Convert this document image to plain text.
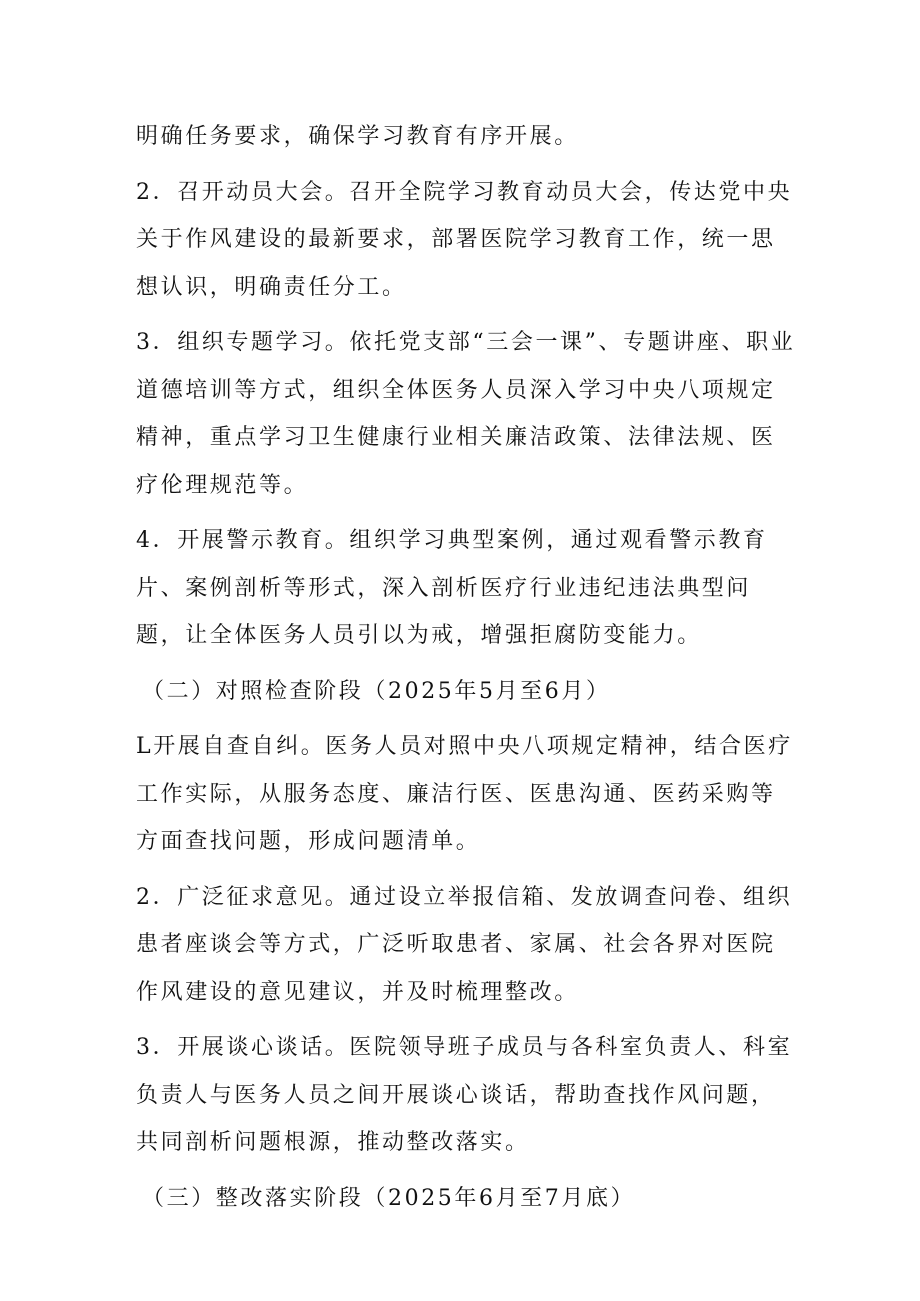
明确任务要求，确保学习教育有序开展。

2．召开动员大会。召开全院学习教育动员大会，传达党中央关于作风建设的最新要求，部署医院学习教育工作，统一思想认识，明确责任分工。

3．组织专题学习。依托党支部“三会一课”、专题讲座、职业道德培训等方式，组织全体医务人员深入学习中央八项规定精神，重点学习卫生健康行业相关廉洁政策、法律法规、医疗伦理规范等。

4．开展警示教育。组织学习典型案例，通过观看警示教育片、案例剖析等形式，深入剖析医疗行业违纪违法典型问题，让全体医务人员引以为戒，增强拒腐防变能力。

（二）对照检查阶段（2025年5月至6月）

L开展自查自纠。医务人员对照中央八项规定精神，结合医疗工作实际，从服务态度、廉洁行医、医患沟通、医药采购等方面查找问题，形成问题清单。

2．广泛征求意见。通过设立举报信箱、发放调查问卷、组织患者座谈会等方式，广泛听取患者、家属、社会各界对医院作风建设的意见建议，并及时梳理整改。

3．开展谈心谈话。医院领导班子成员与各科室负责人、科室负责人与医务人员之间开展谈心谈话，帮助查找作风问题，共同剖析问题根源，推动整改落实。

（三）整改落实阶段（2025年6月至7月底）
